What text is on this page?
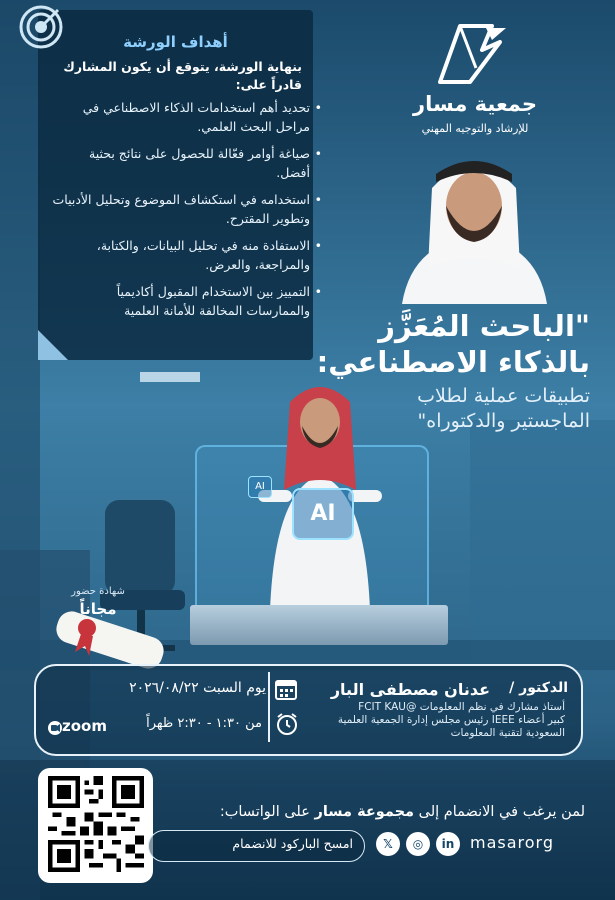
أهداف الورشة
بنهاية الورشة، يتوقع أن يكون المشارك قادراً على:
• تحديد أهم استخدامات الذكاء الاصطناعي في مراحل البحث العلمي.
• صياغة أوامر فعّالة للحصول على نتائج بحثية أفضل.
• استخدامه في استكشاف الموضوع وتحليل الأدبيات وتطوير المقترح.
• الاستفادة منه في تحليل البيانات، والكتابة، والمراجعة، والعرض.
• التمييز بين الاستخدام المقبول أكاديمياً والممارسات المخالفة للأمانة العلمية
جمعية مسار
للإرشاد والتوجيه المهني
"الباحث المُعَزَّز
بالذكاء الاصطناعي:
تطبيقات عملية لطلاب
الماجستير والدكتوراه"
AI
AI
شهادة حضور
مجاناً
الدكتور /
عدنان مصطفى البار
أستاذ مشارك في نظم المعلومات @FCIT KAU
كبير أعضاء IEEE رئيس مجلس إدارة الجمعية العلمية
السعودية لتقنية المعلومات
يوم السبت ٢٠٢٦/٠٨/٢٢
من ١:٣٠ - ٢:٣٠ ظهراً
zoom
لمن يرغب في الانضمام إلى مجموعة مسار على الواتساب:
امسح الباركود للانضمام	𝕏	◎	in masarorg
